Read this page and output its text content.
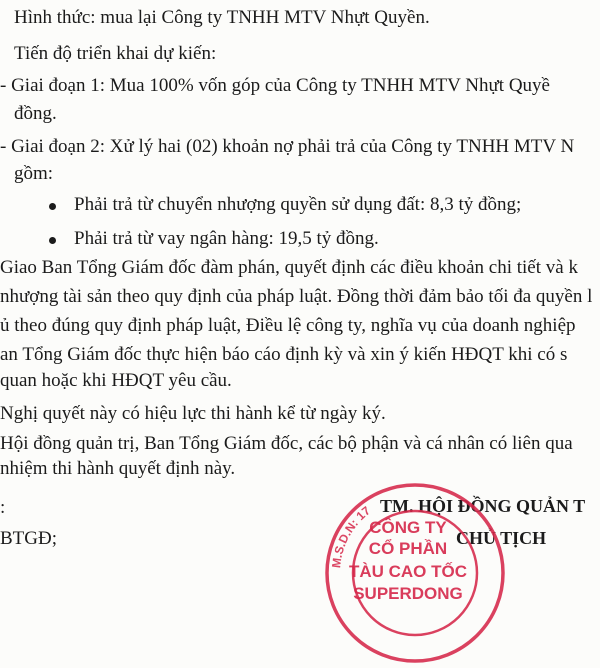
Hình thức: mua lại Công ty TNHH MTV Nhựt Quyền.
Tiến độ triển khai dự kiến:
- Giai đoạn 1: Mua 100% vốn góp của Công ty TNHH MTV Nhựt Quyề
đồng.
- Giai đoạn 2: Xử lý hai (02) khoản nợ phải trả của Công ty TNHH MTV N
gồm:
Phải trả từ chuyển nhượng quyền sử dụng đất: 8,3 tỷ đồng;
Phải trả từ vay ngân hàng: 19,5 tỷ đồng.
Giao Ban Tổng Giám đốc đàm phán, quyết định các điều khoản chi tiết và k
nhượng tài sản theo quy định của pháp luật. Đồng thời đảm bảo tối đa quyền l
ủ theo đúng quy định pháp luật, Điều lệ công ty, nghĩa vụ của doanh nghiệp
an Tổng Giám đốc thực hiện báo cáo định kỳ và xin ý kiến HĐQT khi có s
quan hoặc khi HĐQT yêu cầu.
Nghị quyết này có hiệu lực thi hành kể từ ngày ký.
Hội đồng quản trị, Ban Tổng Giám đốc, các bộ phận và cá nhân có liên qua
nhiệm thi hành quyết định này.
:
BTGĐ;
TM. HỘI ĐỒNG QUẢN T
CHỦ TỊCH
M.S.D.N: 17
CÔNG TY
CỔ PHẦN
TÀU CAO TỐC
SUPERDONG
